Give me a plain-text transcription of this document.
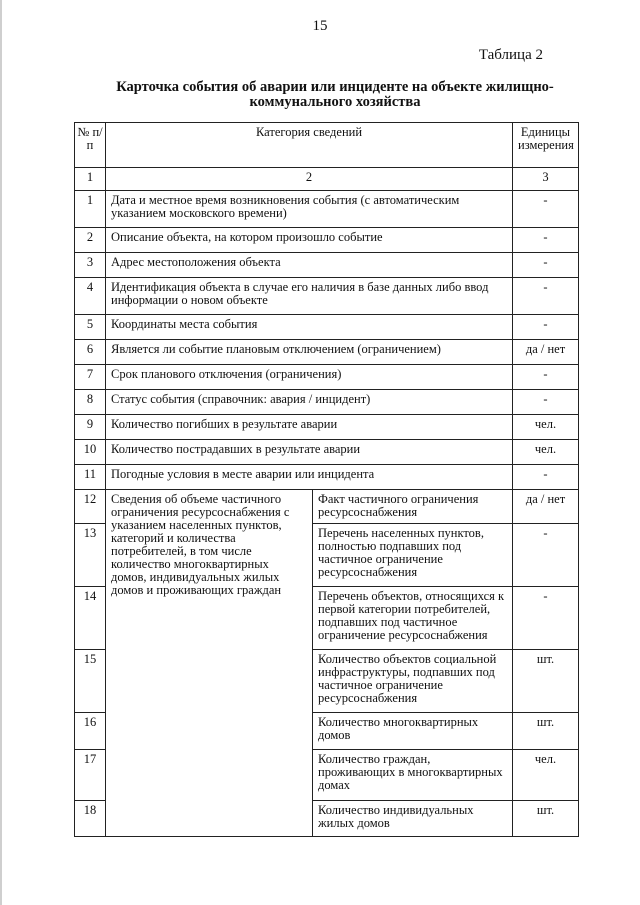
15
Таблица 2
Карточка события об аварии или инциденте на объекте жилищно-коммунального хозяйства
№ п/п	Категория сведений		Единицы измерения
1	2		3
1	Дата и местное время возникновения события (с автоматическим указанием московского времени)		-
2	Описание объекта, на котором произошло событие		-
3	Адрес местоположения объекта		-
4	Идентификация объекта в случае его наличия в базе данных либо ввод информации о новом объекте		-
5	Координаты места события		-
6	Является ли событие плановым отключением (ограничением)		да / нет
7	Срок планового отключения (ограничения)		-
8	Статус события (справочник: авария / инцидент)		-
9	Количество погибших в результате аварии		чел.
10	Количество пострадавших в результате аварии		чел.
11	Погодные условия в месте аварии или инцидента		-
12	Сведения об объеме частичного ограничения ресурсоснабжения с указанием населенных пунктов, категорий и количества потребителей, в том числе количество многоквартирных домов, индивидуальных жилых домов и проживающих граждан	Факт частичного ограничения ресурсоснабжения	да / нет
13		Перечень населенных пунктов, полностью подпавших под частичное ограничение ресурсоснабжения	-
14		Перечень объектов, относящихся к первой категории потребителей, подпавших под частичное ограничение ресурсоснабжения	-
15		Количество объектов социальной инфраструктуры, подпавших под частичное ограничение ресурсоснабжения	шт.
16		Количество многоквартирных домов	шт.
17		Количество граждан, проживающих в многоквартирных домах	чел.
18		Количество индивидуальных жилых домов	шт.
